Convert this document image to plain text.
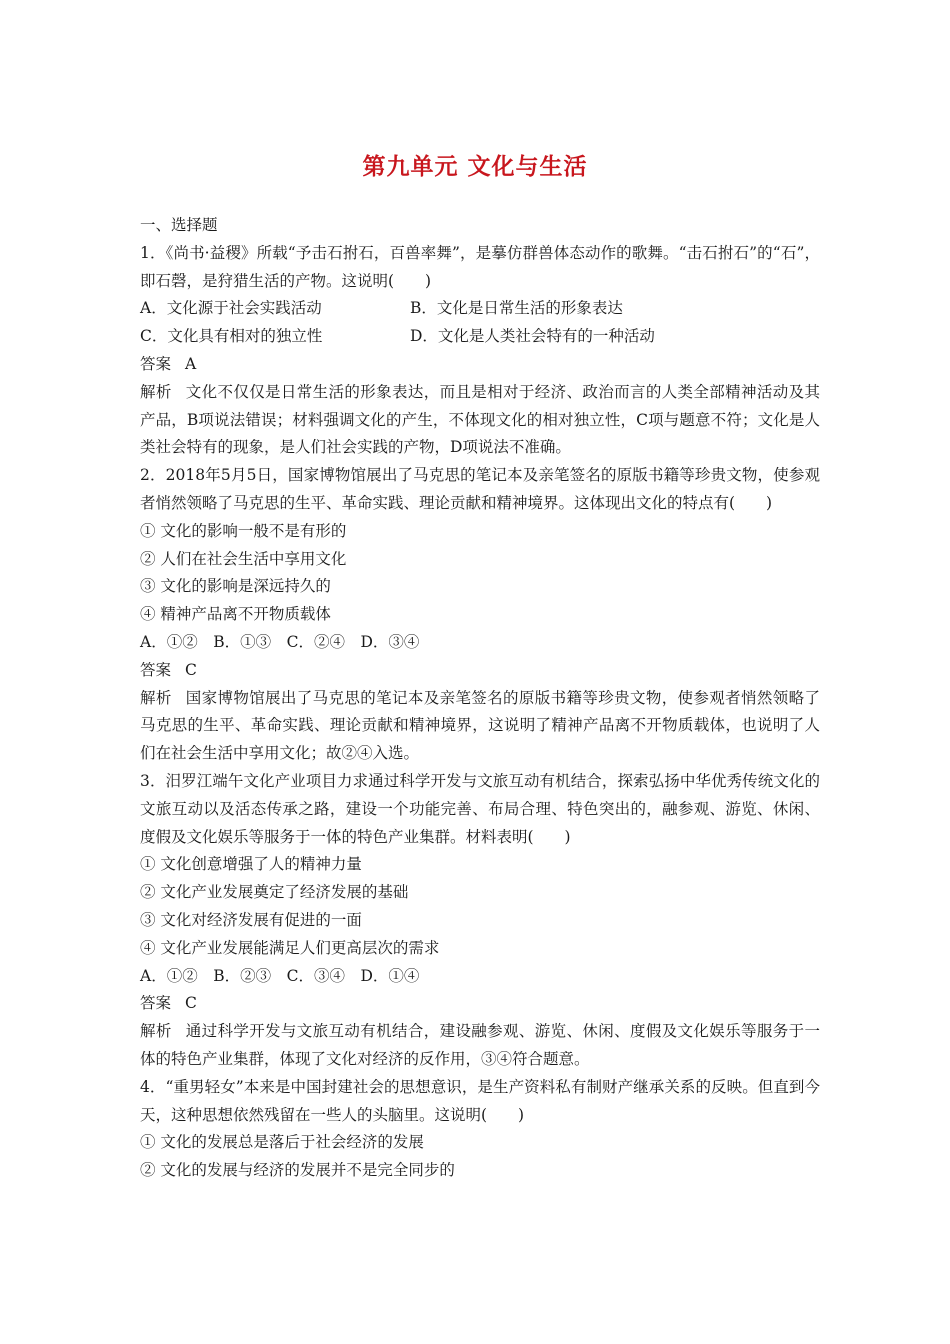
第九单元 文化与生活
一、选择题
1．《尚书·益稷》所载“予击石拊石，百兽率舞”，是摹仿群兽体态动作的歌舞。“击石拊石”的“石”，即石磬，是狩猎生活的产物。这说明(　　)
A．文化源于社会实践活动	B．文化是日常生活的形象表达
C．文化具有相对的独立性	D．文化是人类社会特有的一种活动
答案 A
解析 文化不仅仅是日常生活的形象表达，而且是相对于经济、政治而言的人类全部精神活动及其产品，B项说法错误；材料强调文化的产生，不体现文化的相对独立性，C项与题意不符；文化是人类社会特有的现象，是人们社会实践的产物，D项说法不准确。
2．2018年5月5日，国家博物馆展出了马克思的笔记本及亲笔签名的原版书籍等珍贵文物，使参观者悄然领略了马克思的生平、革命实践、理论贡献和精神境界。这体现出文化的特点有(　　)
① 文化的影响一般不是有形的
② 人们在社会生活中享用文化
③ 文化的影响是深远持久的
④ 精神产品离不开物质载体
A．①②　B．①③　C．②④　D．③④
答案 C
解析 国家博物馆展出了马克思的笔记本及亲笔签名的原版书籍等珍贵文物，使参观者悄然领略了马克思的生平、革命实践、理论贡献和精神境界，这说明了精神产品离不开物质载体，也说明了人们在社会生活中享用文化；故②④入选。
3．汨罗江端午文化产业项目力求通过科学开发与文旅互动有机结合，探索弘扬中华优秀传统文化的文旅互动以及活态传承之路，建设一个功能完善、布局合理、特色突出的，融参观、游览、休闲、度假及文化娱乐等服务于一体的特色产业集群。材料表明(　　)
① 文化创意增强了人的精神力量
② 文化产业发展奠定了经济发展的基础
③ 文化对经济发展有促进的一面
④ 文化产业发展能满足人们更高层次的需求
A．①②　B．②③　C．③④　D．①④
答案 C
解析 通过科学开发与文旅互动有机结合，建设融参观、游览、休闲、度假及文化娱乐等服务于一体的特色产业集群，体现了文化对经济的反作用，③④符合题意。
4．“重男轻女”本来是中国封建社会的思想意识，是生产资料私有制财产继承关系的反映。但直到今天，这种思想依然残留在一些人的头脑里。这说明(　　)
① 文化的发展总是落后于社会经济的发展
② 文化的发展与经济的发展并不是完全同步的
